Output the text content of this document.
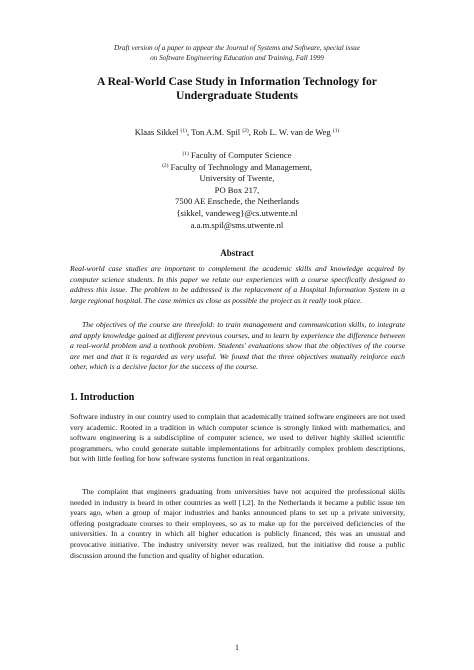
Draft version of a paper to appear the Journal of Systems and Software, special issue
on Software Engineering Education and Training, Fall 1999
A Real-World Case Study in Information Technology for
Undergraduate Students
Klaas Sikkel $^{(1)}$, Ton A.M. Spil $^{(2)}$, Rob L. W. van de Weg $^{(1)}$
$^{(1)}$ Faculty of Computer Science
$^{(2)}$ Faculty of Technology and Management,
University of Twente,
PO Box 217,
7500 AE Enschede, the Netherlands
{sikkel, vandeweg}@cs.utwente.nl
a.a.m.spil@sms.utwente.nl
Abstract
Real-world case studies are important to complement the academic skills and knowledge acquired by computer science students. In this paper we relate our experiences with a course specifically designed to address this issue. The problem to be addressed is the replacement of a Hospital Information System in a large regional hospital. The case mimics as close as possible the project as it really took place.
The objectives of the course are threefold: to train management and communication skills, to integrate and apply knowledge gained at different previous courses, and to learn by experience the difference between a real-world problem and a textbook problem. Students' evaluations show that the objectives of the course are met and that it is regarded as very useful. We found that the three objectives mutually reinforce each other, which is a decisive factor for the success of the course.
1. Introduction
Software industry in our country used to complain that academically trained software engineers are not used very academic. Rooted in a tradition in which computer science is strongly linked with mathematics, and software engineering is a subdiscipline of computer science, we used to deliver highly skilled scientific programmers, who could generate suitable implementations for arbitrarily complex problem descriptions, but with little feeling for how software systems function in real organizations.
The complaint that engineers graduating from universities have not acquired the professional skills needed in industry is heard in other countries as well [1,2]. In the Netherlands it became a public issue ten years ago, when a group of major industries and banks announced plans to set up a private university, offering postgraduate courses to their employees, so as to make up for the perceived deficiencies of the universities. In a country in which all higher education is publicly financed, this was an unusual and provocative initiative. The industry university never was realized, but the initiative did rouse a public discussion around the function and quality of higher education.
1
